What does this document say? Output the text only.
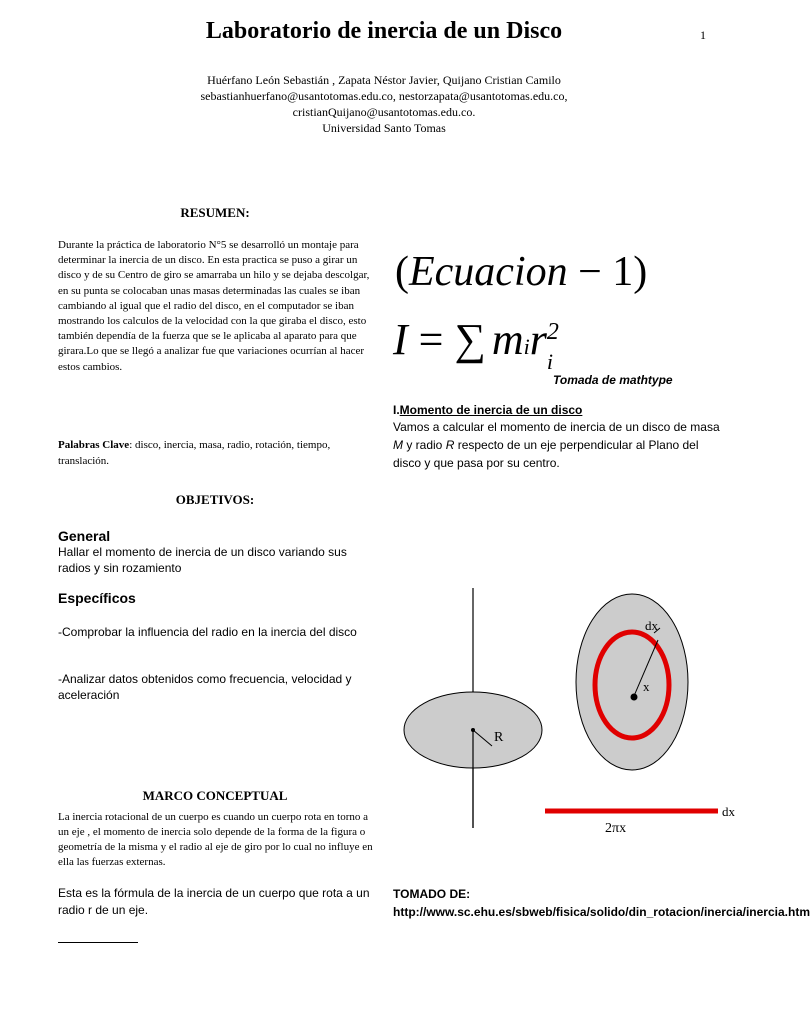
Laboratorio de inercia de un Disco	1
Huérfano León Sebastián , Zapata Néstor Javier, Quijano Cristian Camilo
sebastianhuerfano@usantotomas.edu.co, nestorzapata@usantotomas.edu.co,
cristianQuijano@usantotomas.edu.co.
Universidad Santo Tomas
RESUMEN:
Durante la práctica de laboratorio N°5 se desarrolló un montaje para determinar la inercia de un disco. En esta practica se puso a girar un disco y de su Centro de giro se amarraba un hilo y se dejaba descolgar, en su punta se colocaban unas masas determinadas las cuales se iban cambiando al igual que el radio del disco, en el computador se iban mostrando los calculos de la velocidad con la que giraba el disco, esto también dependía de la fuerza que se le aplicaba al aparato para que girara.Lo que se llegó a analizar fue que variaciones ocurrían al hacer estos cambios.
Palabras Clave: disco, inercia, masa, radio, rotación, tiempo, translación.
OBJETIVOS:
General
Hallar el momento de inercia de un disco variando sus radios y sin rozamiento
Específicos
-Comprobar la influencia del radio en la inercia del disco
-Analizar datos obtenidos como frecuencia, velocidad y aceleración
MARCO CONCEPTUAL
La inercia rotacional de un cuerpo es cuando un cuerpo rota en torno a un eje , el momento de inercia solo depende de la forma de la figura o geometría de la misma y el radio al eje de giro por lo cual no influye en ella las fuerzas externas.
Esta es la fórmula de la inercia de un cuerpo que rota a un radio r de un eje.
(Ecuacion − 1)
I = ∑ mir 2
i
Tomada de mathtype
I.Momento de inercia de un disco
Vamos a calcular el momento de inercia de un disco de masa M y radio R respecto de un eje perpendicular al Plano del disco y que pasa por su centro.
R
dx
x
dx
2πx
TOMADO DE: http://www.sc.ehu.es/sbweb/fisica/solido/din_rotacion/inercia/inercia.htm
